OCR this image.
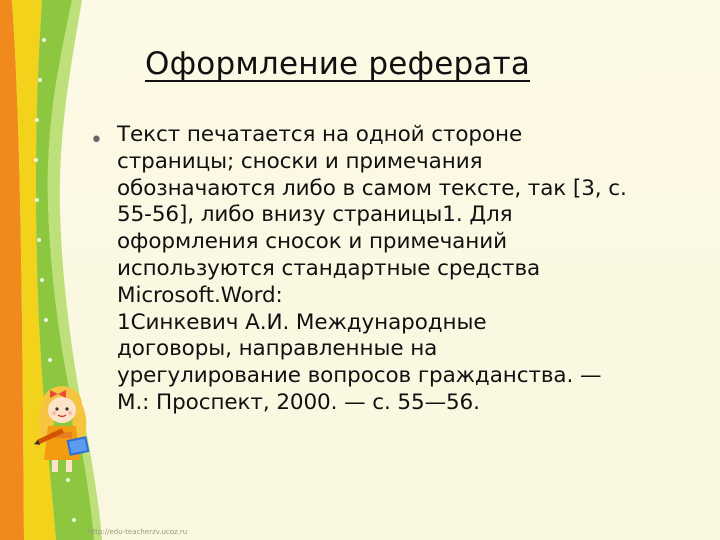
Оформление реферата
• Текст печатается на одной стороне
страницы; сноски и примечания
обозначаются либо в самом тексте, так [3, с.
55-56], либо внизу страницы1. Для
оформления сносок и примечаний
используются стандартные средства
Microsoft.Word:
1Синкевич А.И. Международные
договоры, направленные на
урегулирование вопросов гражданства. —
М.: Проспект, 2000. — с. 55—56.
http://edu-teacherzv.ucoz.ru
